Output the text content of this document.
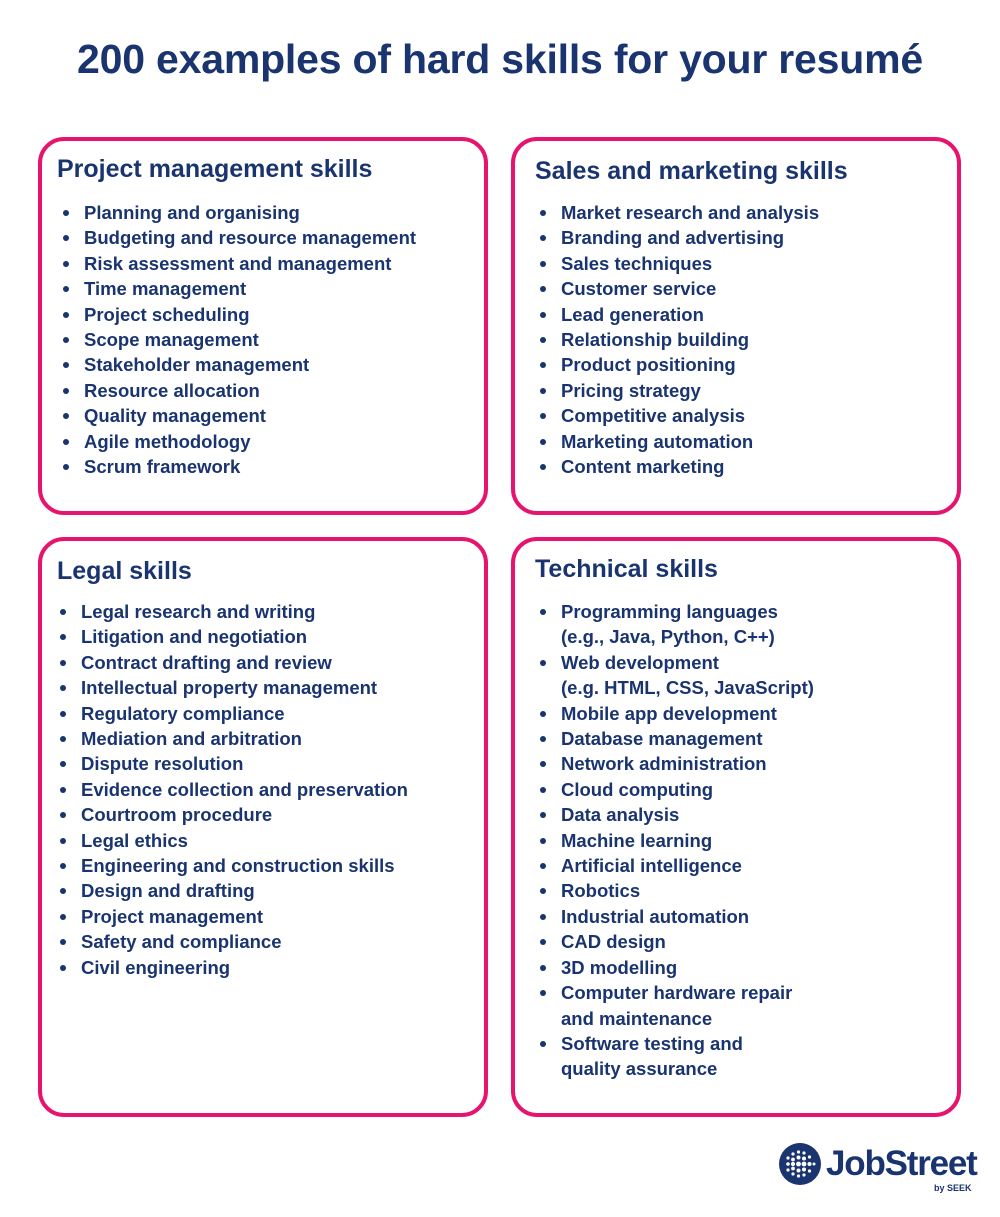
200 examples of hard skills for your resumé
Project management skills
Planning and organising
Budgeting and resource management
Risk assessment and management
Time management
Project scheduling
Scope management
Stakeholder management
Resource allocation
Quality management
Agile methodology
Scrum framework
Sales and marketing skills
Market research and analysis
Branding and advertising
Sales techniques
Customer service
Lead generation
Relationship building
Product positioning
Pricing strategy
Competitive analysis
Marketing automation
Content marketing
Legal skills
Legal research and writing
Litigation and negotiation
Contract drafting and review
Intellectual property management
Regulatory compliance
Mediation and arbitration
Dispute resolution
Evidence collection and preservation
Courtroom procedure
Legal ethics
Engineering and construction skills
Design and drafting
Project management
Safety and compliance
Civil engineering
Technical skills
Programming languages
(e.g., Java, Python, C++)
Web development
(e.g. HTML, CSS, JavaScript)
Mobile app development
Database management
Network administration
Cloud computing
Data analysis
Machine learning
Artificial intelligence
Robotics
Industrial automation
CAD design
3D modelling
Computer hardware repair
and maintenance
Software testing and
quality assurance
JobStreet
by SEEK
